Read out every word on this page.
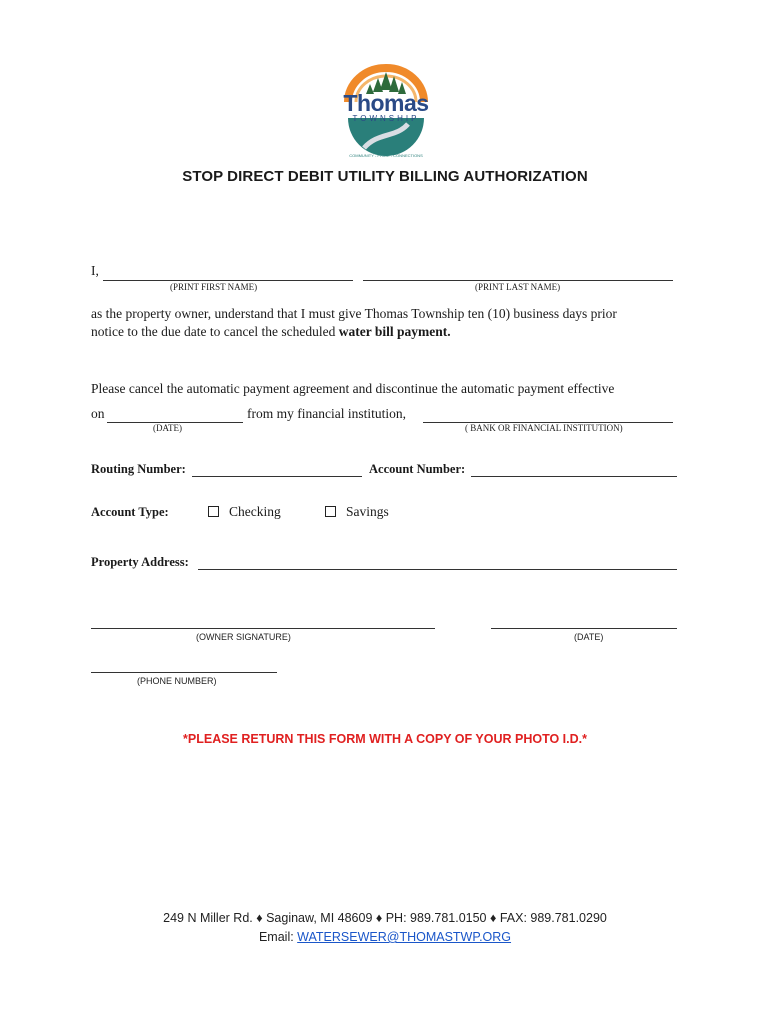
Thomas
TOWNSHIP
COMMUNITY - PRIDE - CONNECTIONS
STOP DIRECT DEBIT UTILITY BILLING AUTHORIZATION
I,
(PRINT FIRST NAME)	(PRINT LAST NAME)
as the property owner, understand that I must give Thomas Township ten (10) business days prior
notice to the due date to cancel the scheduled water bill payment.
Please cancel the automatic payment agreement and discontinue the automatic payment effective
on	from my financial institution,
(DATE)	( BANK OR FINANCIAL INSTITUTION)
Routing Number:	Account Number:
Account Type:	Checking	Savings
Property Address:
(OWNER SIGNATURE)	(DATE)
(PHONE NUMBER)
*PLEASE RETURN THIS FORM WITH A COPY OF YOUR PHOTO I.D.*
249 N Miller Rd. ♦ Saginaw, MI 48609 ♦ PH: 989.781.0150 ♦ FAX: 989.781.0290
Email: WATERSEWER@THOMASTWP.ORG
